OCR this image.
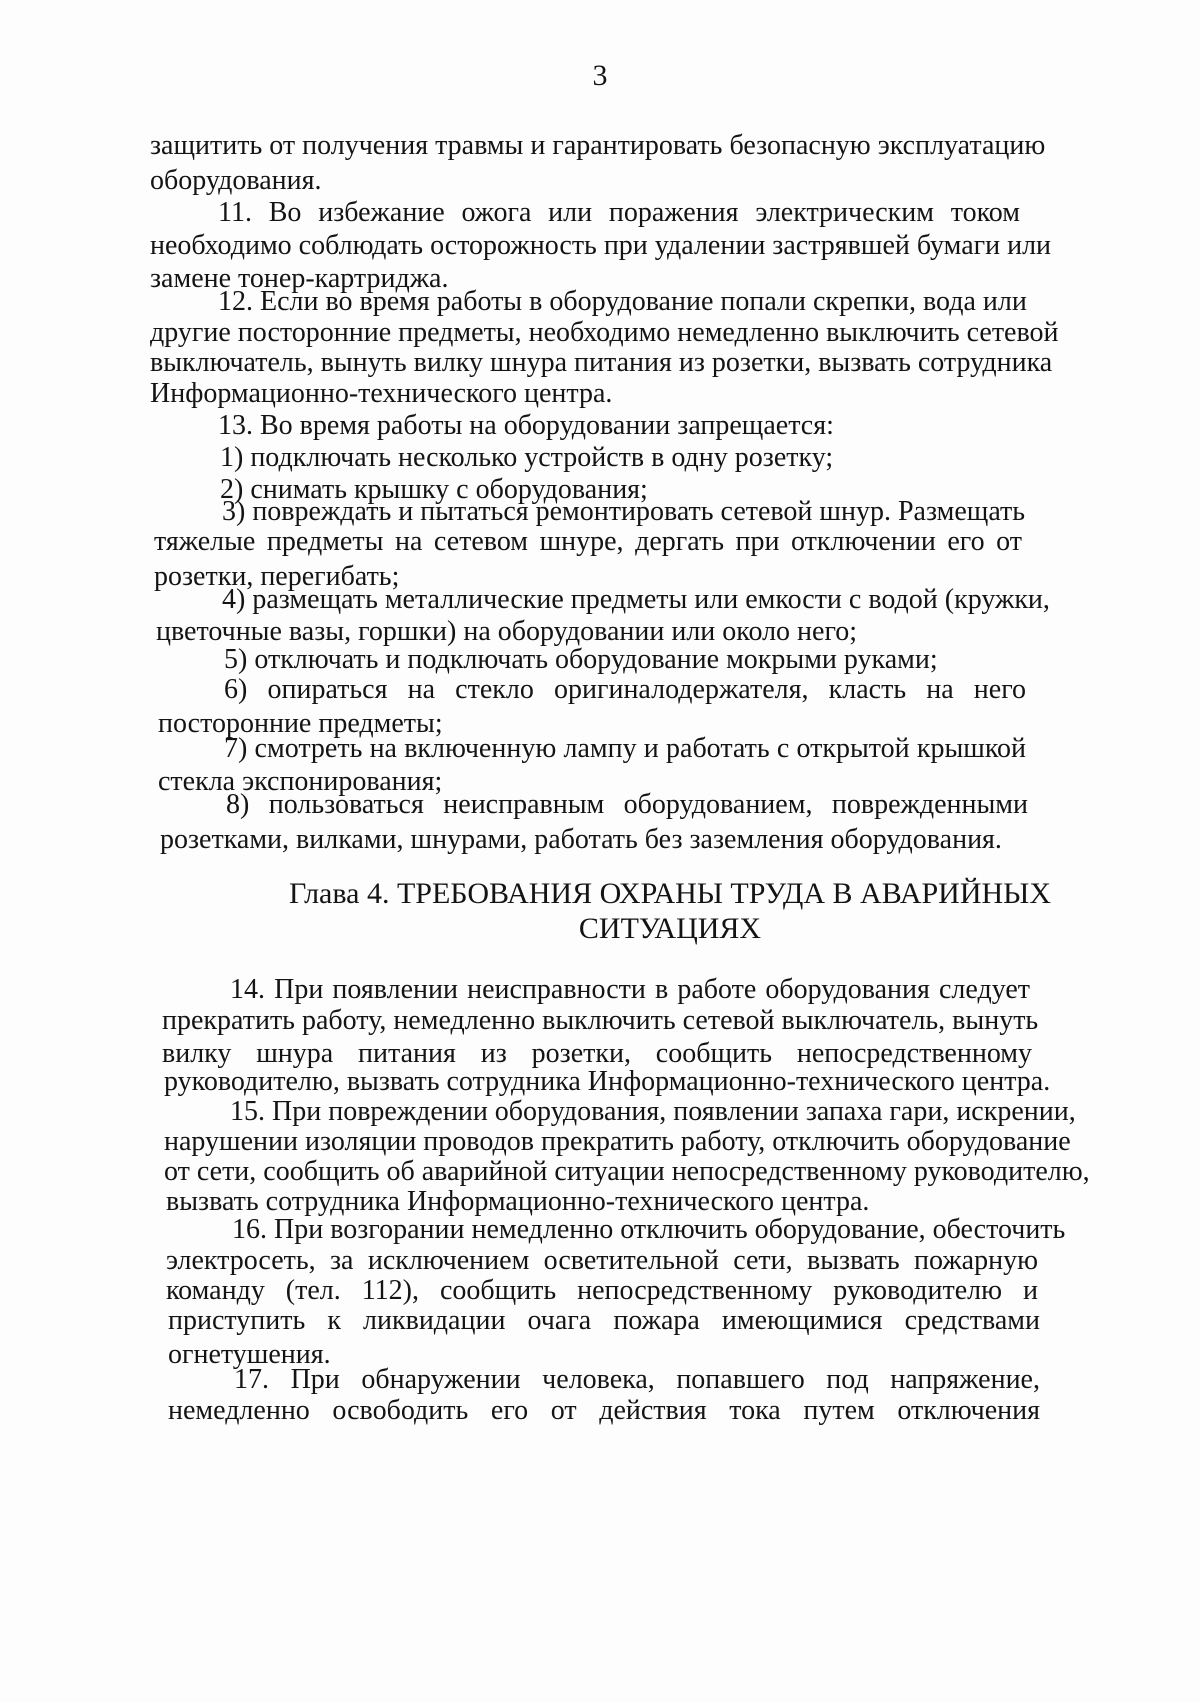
3
защитить от получения травмы и гарантировать безопасную эксплуатацию
оборудования.
11. Во избежание ожога или поражения электрическим током
необходимо соблюдать осторожность при удалении застрявшей бумаги или
замене тонер-картриджа.
12. Если во время работы в оборудование попали скрепки, вода или
другие посторонние предметы, необходимо немедленно выключить сетевой
выключатель, вынуть вилку шнура питания из розетки, вызвать сотрудника
Информационно-технического центра.
13. Во время работы на оборудовании запрещается:
1) подключать несколько устройств в одну розетку;
2) снимать крышку с оборудования;
3) повреждать и пытаться ремонтировать сетевой шнур. Размещать
тяжелые предметы на сетевом шнуре, дергать при отключении его от
розетки, перегибать;
4) размещать металлические предметы или емкости с водой (кружки,
цветочные вазы, горшки) на оборудовании или около него;
5) отключать и подключать оборудование мокрыми руками;
6) опираться на стекло оригиналодержателя, класть на него
посторонние предметы;
7) смотреть на включенную лампу и работать с открытой крышкой
стекла экспонирования;
8) пользоваться неисправным оборудованием, поврежденными
розетками, вилками, шнурами, работать без заземления оборудования.
Глава 4. ТРЕБОВАНИЯ ОХРАНЫ ТРУДА В АВАРИЙНЫХ
СИТУАЦИЯХ
14. При появлении неисправности в работе оборудования следует
прекратить работу, немедленно выключить сетевой выключатель, вынуть
вилку шнура питания из розетки, сообщить непосредственному
руководителю, вызвать сотрудника Информационно-технического центра.
15. При повреждении оборудования, появлении запаха гари, искрении,
нарушении изоляции проводов прекратить работу, отключить оборудование
от сети, сообщить об аварийной ситуации непосредственному руководителю,
вызвать сотрудника Информационно-технического центра.
16. При возгорании немедленно отключить оборудование, обесточить
электросеть, за исключением осветительной сети, вызвать пожарную
команду (тел. 112), сообщить непосредственному руководителю и
приступить к ликвидации очага пожара имеющимися средствами
огнетушения.
17. При обнаружении человека, попавшего под напряжение,
немедленно освободить его от действия тока путем отключения
